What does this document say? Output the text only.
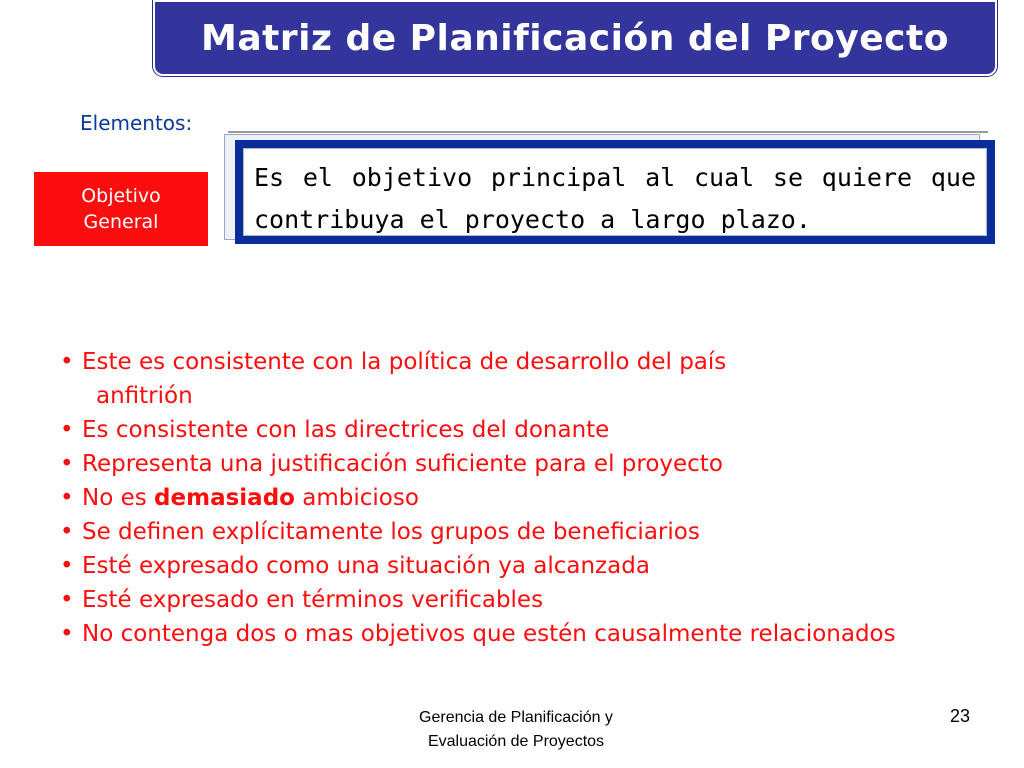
Matriz de Planificación del Proyecto
Elementos:
Objetivo
General

Es el objetivo principal al cual se quiere que contribuya el proyecto a largo plazo.

• Este es consistente con la política de desarrollo del país
anfitrión
• Es consistente con las directrices del donante
• Representa una justificación suficiente para el proyecto
• No es demasiado ambicioso
• Se definen explícitamente los grupos de beneficiarios
• Esté expresado como una situación ya alcanzada
• Esté expresado en términos verificables
• No contenga dos o mas objetivos que estén causalmente relacionados
Gerencia de Planificación y
Evaluación de Proyectos
23
